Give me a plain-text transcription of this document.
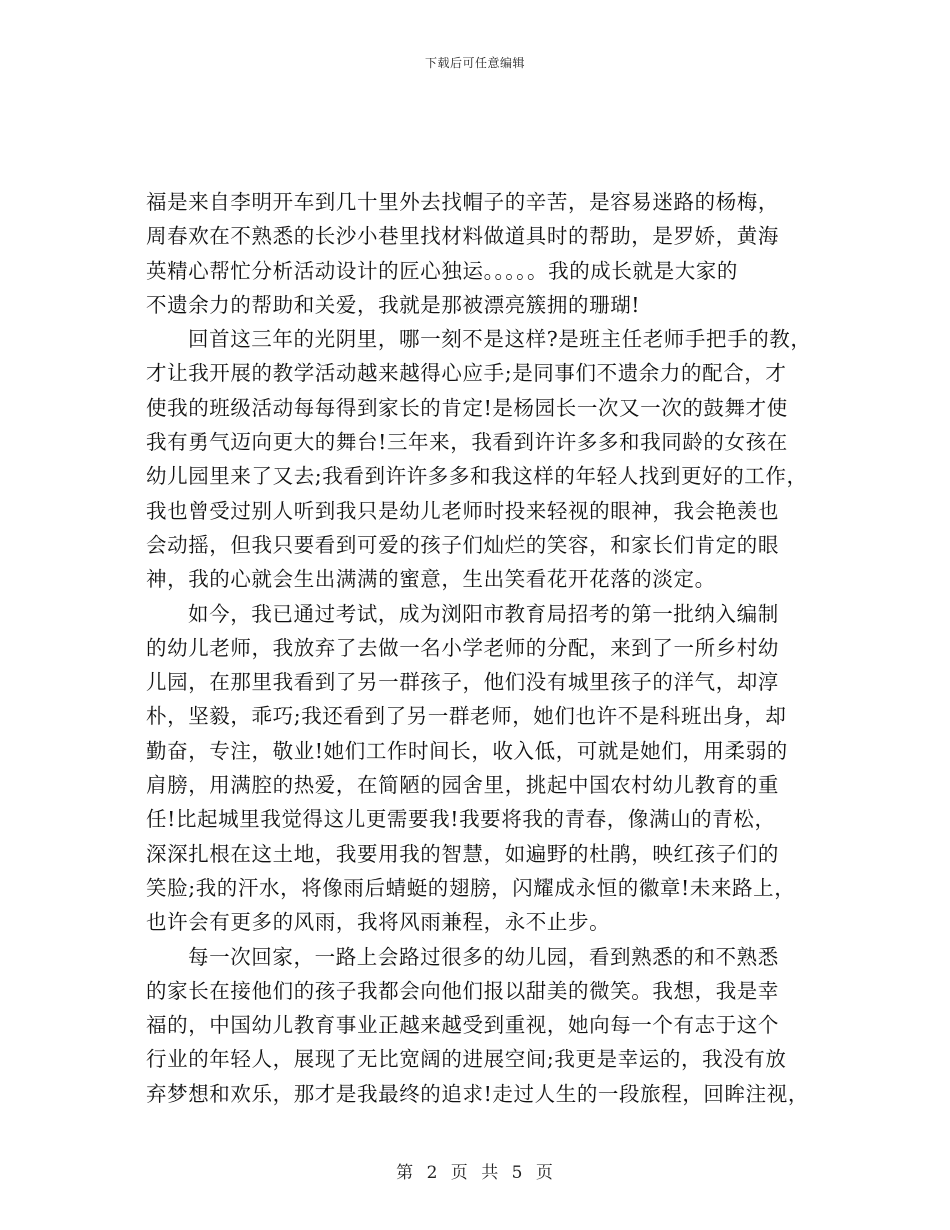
下载后可任意编辑
福是来自李明开车到几十里外去找帽子的辛苦，是容易迷路的杨梅，
周春欢在不熟悉的长沙小巷里找材料做道具时的帮助，是罗娇，黄海
英精心帮忙分析活动设计的匠心独运。。。。。我的成长就是大家的
不遗余力的帮助和关爱，我就是那被漂亮簇拥的珊瑚!
回首这三年的光阴里，哪一刻不是这样?是班主任老师手把手的教，
才让我开展的教学活动越来越得心应手;是同事们不遗余力的配合，才
使我的班级活动每每得到家长的肯定!是杨园长一次又一次的鼓舞才使
我有勇气迈向更大的舞台!三年来，我看到许许多多和我同龄的女孩在
幼儿园里来了又去;我看到许许多多和我这样的年轻人找到更好的工作，
我也曾受过别人听到我只是幼儿老师时投来轻视的眼神，我会艳羡也
会动摇，但我只要看到可爱的孩子们灿烂的笑容，和家长们肯定的眼
神，我的心就会生出满满的蜜意，生出笑看花开花落的淡定。
如今，我已通过考试，成为浏阳市教育局招考的第一批纳入编制
的幼儿老师，我放弃了去做一名小学老师的分配，来到了一所乡村幼
儿园，在那里我看到了另一群孩子，他们没有城里孩子的洋气，却淳
朴，坚毅，乖巧;我还看到了另一群老师，她们也许不是科班出身，却
勤奋，专注，敬业!她们工作时间长，收入低，可就是她们，用柔弱的
肩膀，用满腔的热爱，在简陋的园舍里，挑起中国农村幼儿教育的重
任!比起城里我觉得这儿更需要我!我要将我的青春，像满山的青松，
深深扎根在这土地，我要用我的智慧，如遍野的杜鹃，映红孩子们的
笑脸;我的汗水，将像雨后蜻蜓的翅膀，闪耀成永恒的徽章!未来路上，
也许会有更多的风雨，我将风雨兼程，永不止步。
每一次回家，一路上会路过很多的幼儿园，看到熟悉的和不熟悉
的家长在接他们的孩子我都会向他们报以甜美的微笑。我想，我是幸
福的，中国幼儿教育事业正越来越受到重视，她向每一个有志于这个
行业的年轻人，展现了无比宽阔的进展空间;我更是幸运的，我没有放
弃梦想和欢乐，那才是我最终的追求!走过人生的一段旅程，回眸注视，
第 2 页 共 5 页
